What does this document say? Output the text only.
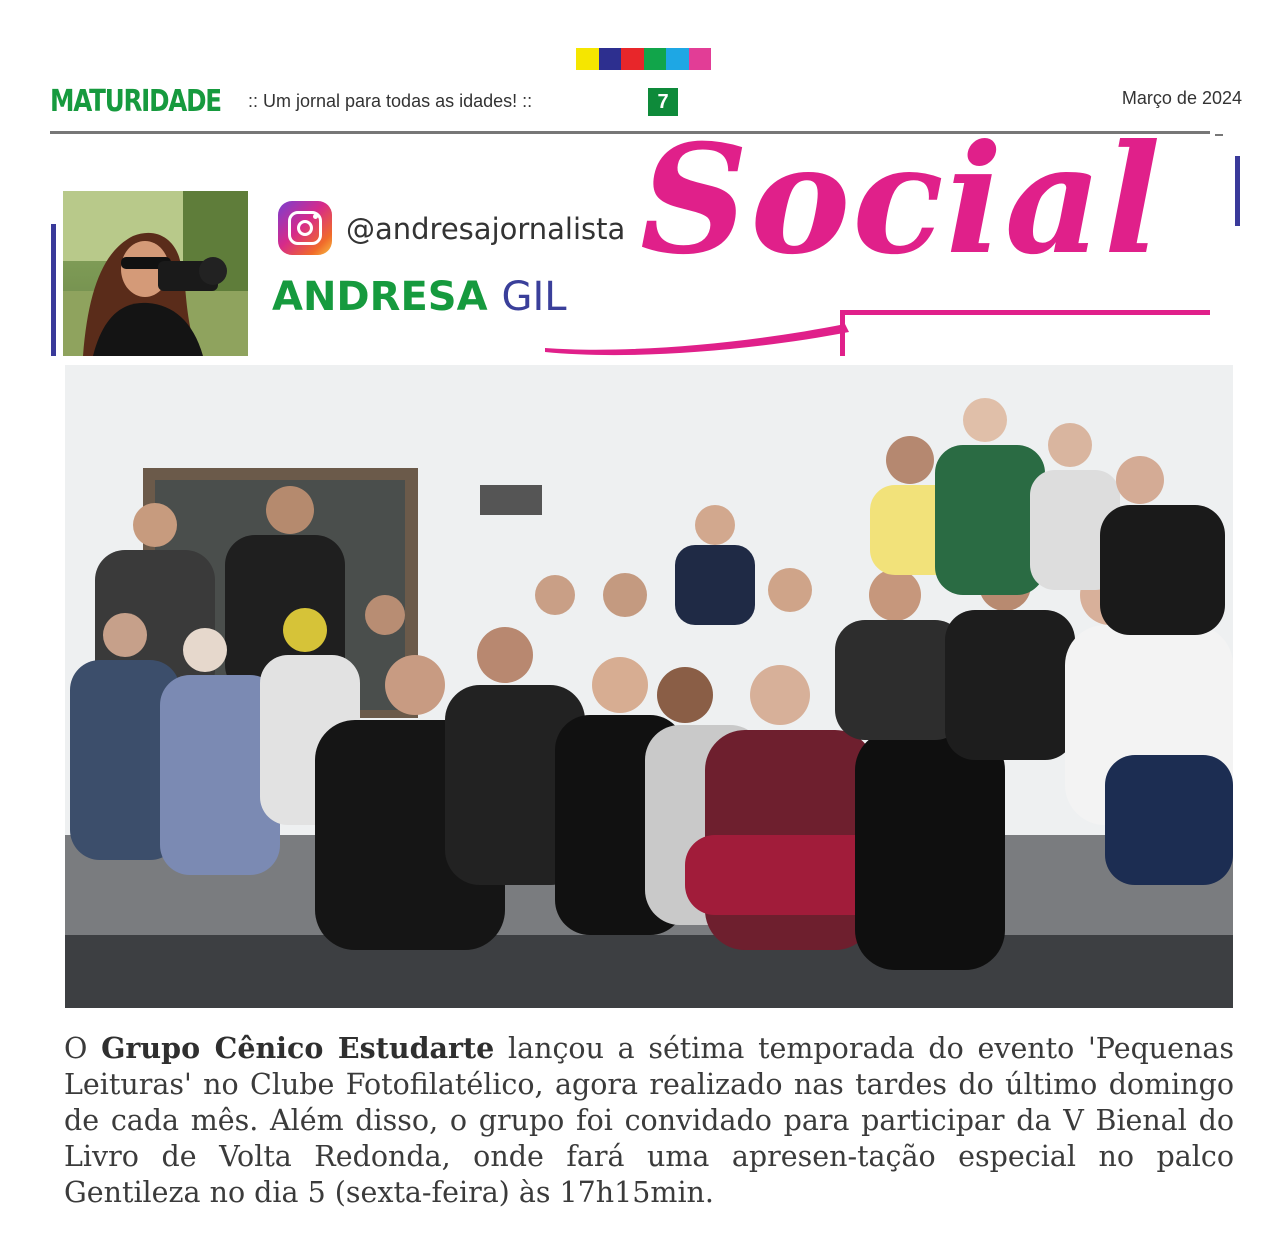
MATURIDADE :: Um jornal para todas as idades! ::	7	Março de 2024
@andresajornalista
ANDRESA GIL
Social
O Grupo Cênico Estudarte lançou a sétima temporada do evento 'Pequenas Leituras' no Clube Fotofilatélico, agora realizado nas tardes do último domingo de cada mês. Além disso, o grupo foi convidado para participar da V Bienal do Livro de Volta Redonda, onde fará uma apresen-tação especial no palco Gentileza no dia 5 (sexta-feira) às 17h15min.
